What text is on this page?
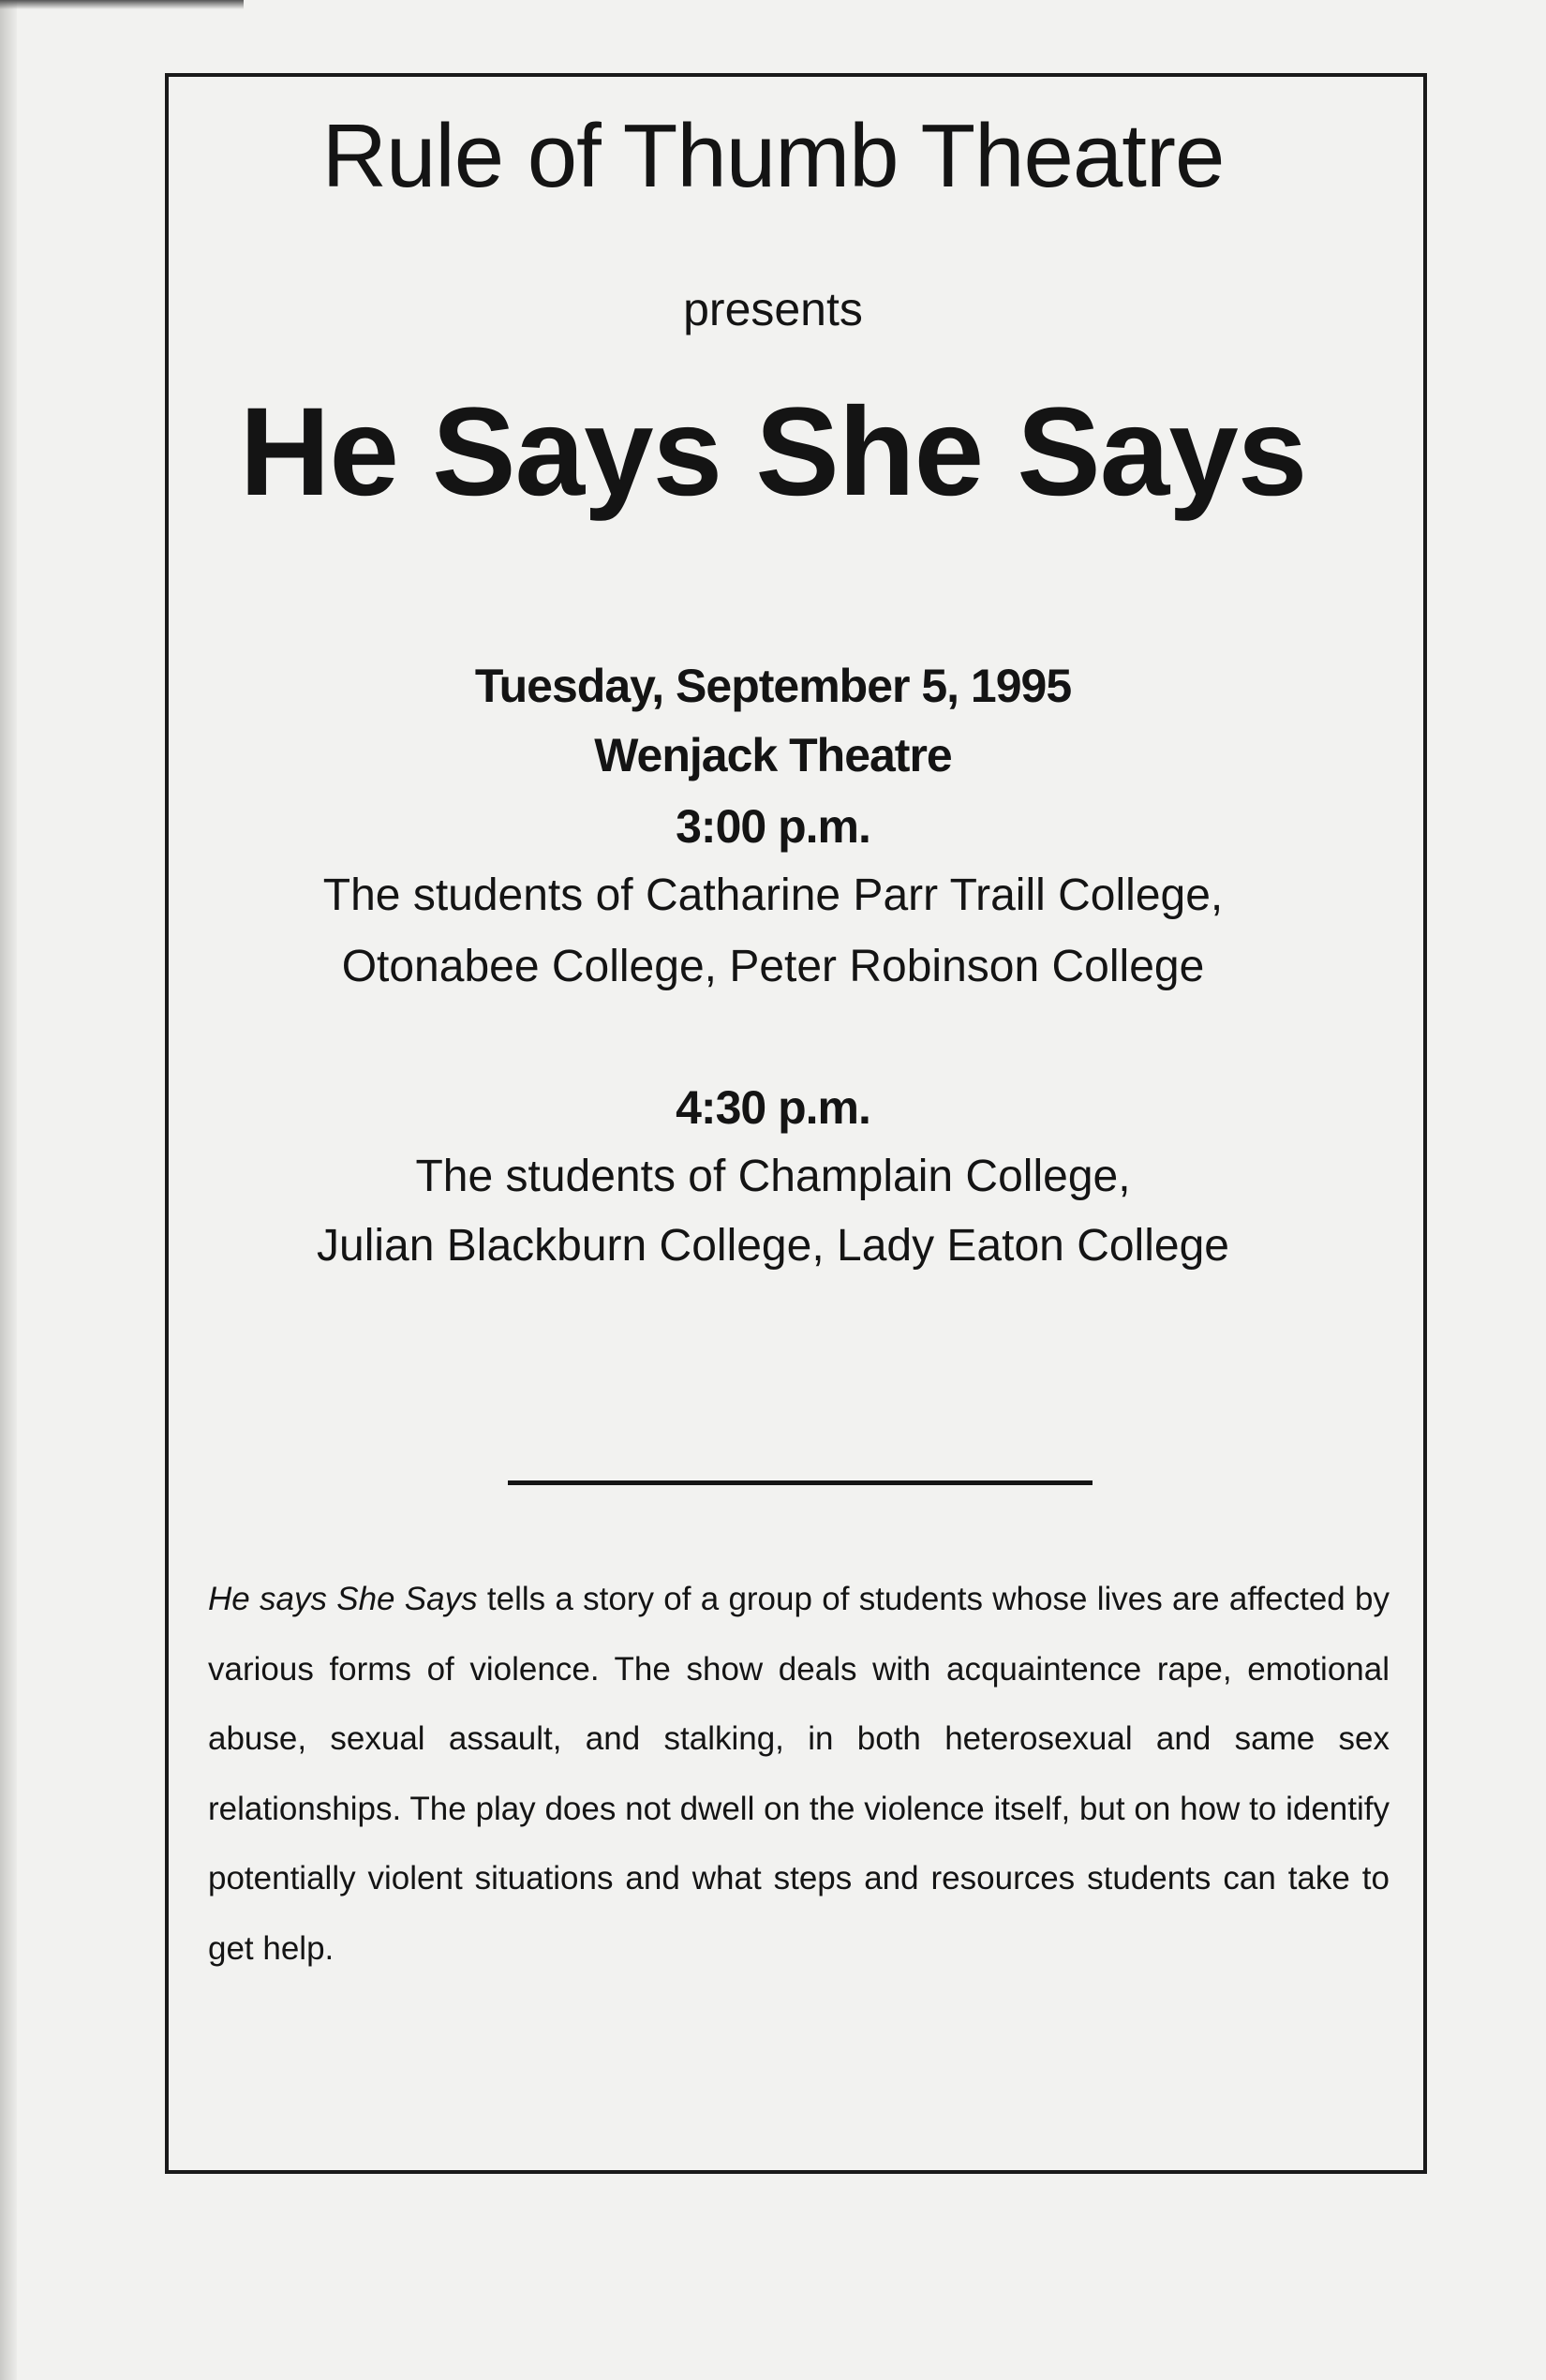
Rule of Thumb Theatre
presents
He Says She Says
Tuesday, September 5, 1995
Wenjack Theatre
3:00 p.m.
The students of Catharine Parr Traill College,
Otonabee College, Peter Robinson College
4:30 p.m.
The students of Champlain College,
Julian Blackburn College, Lady Eaton College

He says She Says tells a story of a group of students whose lives are affected by various forms of violence. The show deals with acquaintence rape, emotional abuse, sexual assault, and stalking, in both heterosexual and same sex relationships. The play does not dwell on the violence itself, but on how to identify potentially violent situations and what steps and resources students can take to get help.
